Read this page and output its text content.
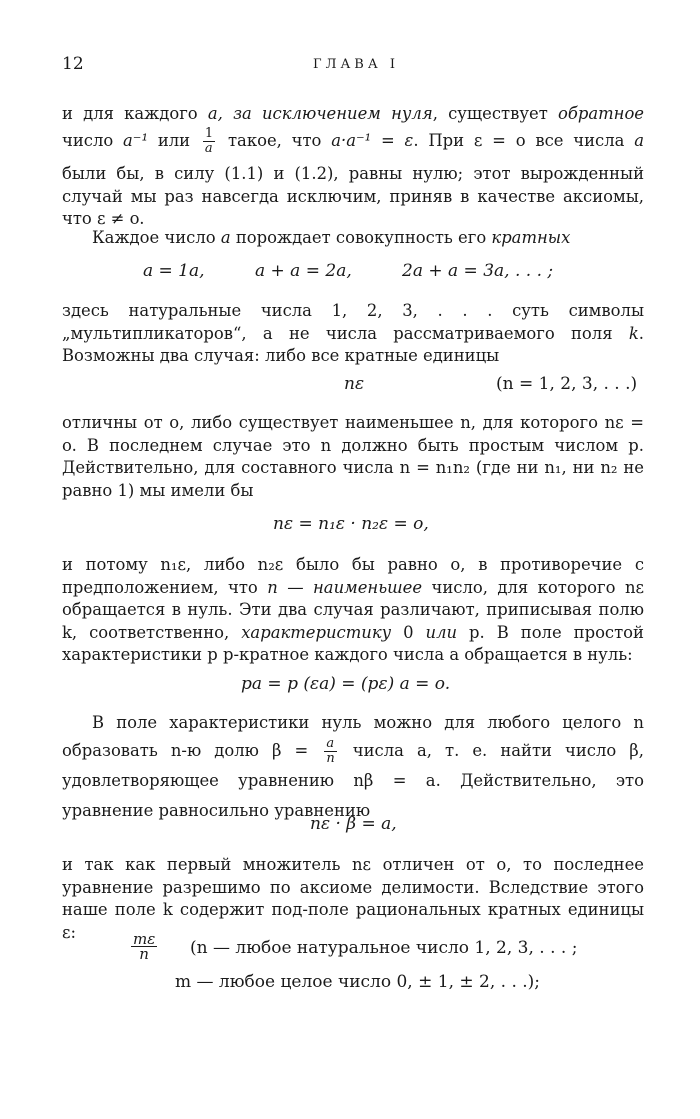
12	ГЛАВА I
и для каждого a, за исключением нуля, существует обратное
число a⁻¹ или $\frac{1}{a}$ такое, что a·a⁻¹ = ε. При ε = o все числа a
были бы, в силу (1.1) и (1.2), равны нулю; этот вырожденный случай мы раз навсегда исключим, приняв в качестве аксиомы, что ε ≠ o.
Каждое число a порождает совокупность его кратных
a = 1a,	a + a = 2a,	2a + a = 3a, . . . ;
здесь натуральные числа 1, 2, 3, . . . суть символы „мультипликаторов“, а не числа рассматриваемого поля k. Возможны два случая: либо все кратные единицы
nε	(n = 1, 2, 3, . . .)
отличны от o, либо существует наименьшее n, для которого nε = o. В последнем случае это n должно быть простым числом p. Действительно, для составного числа n = n₁n₂ (где ни n₁, ни n₂ не равно 1) мы имели бы
nε = n₁ε · n₂ε = o,
и потому n₁ε, либо n₂ε было бы равно o, в противоречие с предположением, что n — наименьшее число, для которого nε обращается в нуль. Эти два случая различают, приписывая полю k, соответственно, характеристику 0 или p. В поле простой характеристики p p-кратное каждого числа a обращается в нуль:
pa = p (εa) = (pε) a = o.
В поле характеристики нуль можно для любого целого n
образовать n-ю долю $\beta = \frac{a}{n}$ числа a, т. е. найти число β, удовлетворяющее уравнению nβ = a. Действительно, это уравнение равносильно уравнению
nε · β = a,
и так как первый множитель nε отличен от o, то последнее уравнение разрешимо по аксиоме делимости. Вследствие этого наше поле k содержит под-поле рациональных кратных единицы ε:	$\frac{m\varepsilon}{n} (n$ — любое натуральное число 1, 2, 3, . . . ;
m — любое целое число 0, ± 1, ± 2, . . .);
